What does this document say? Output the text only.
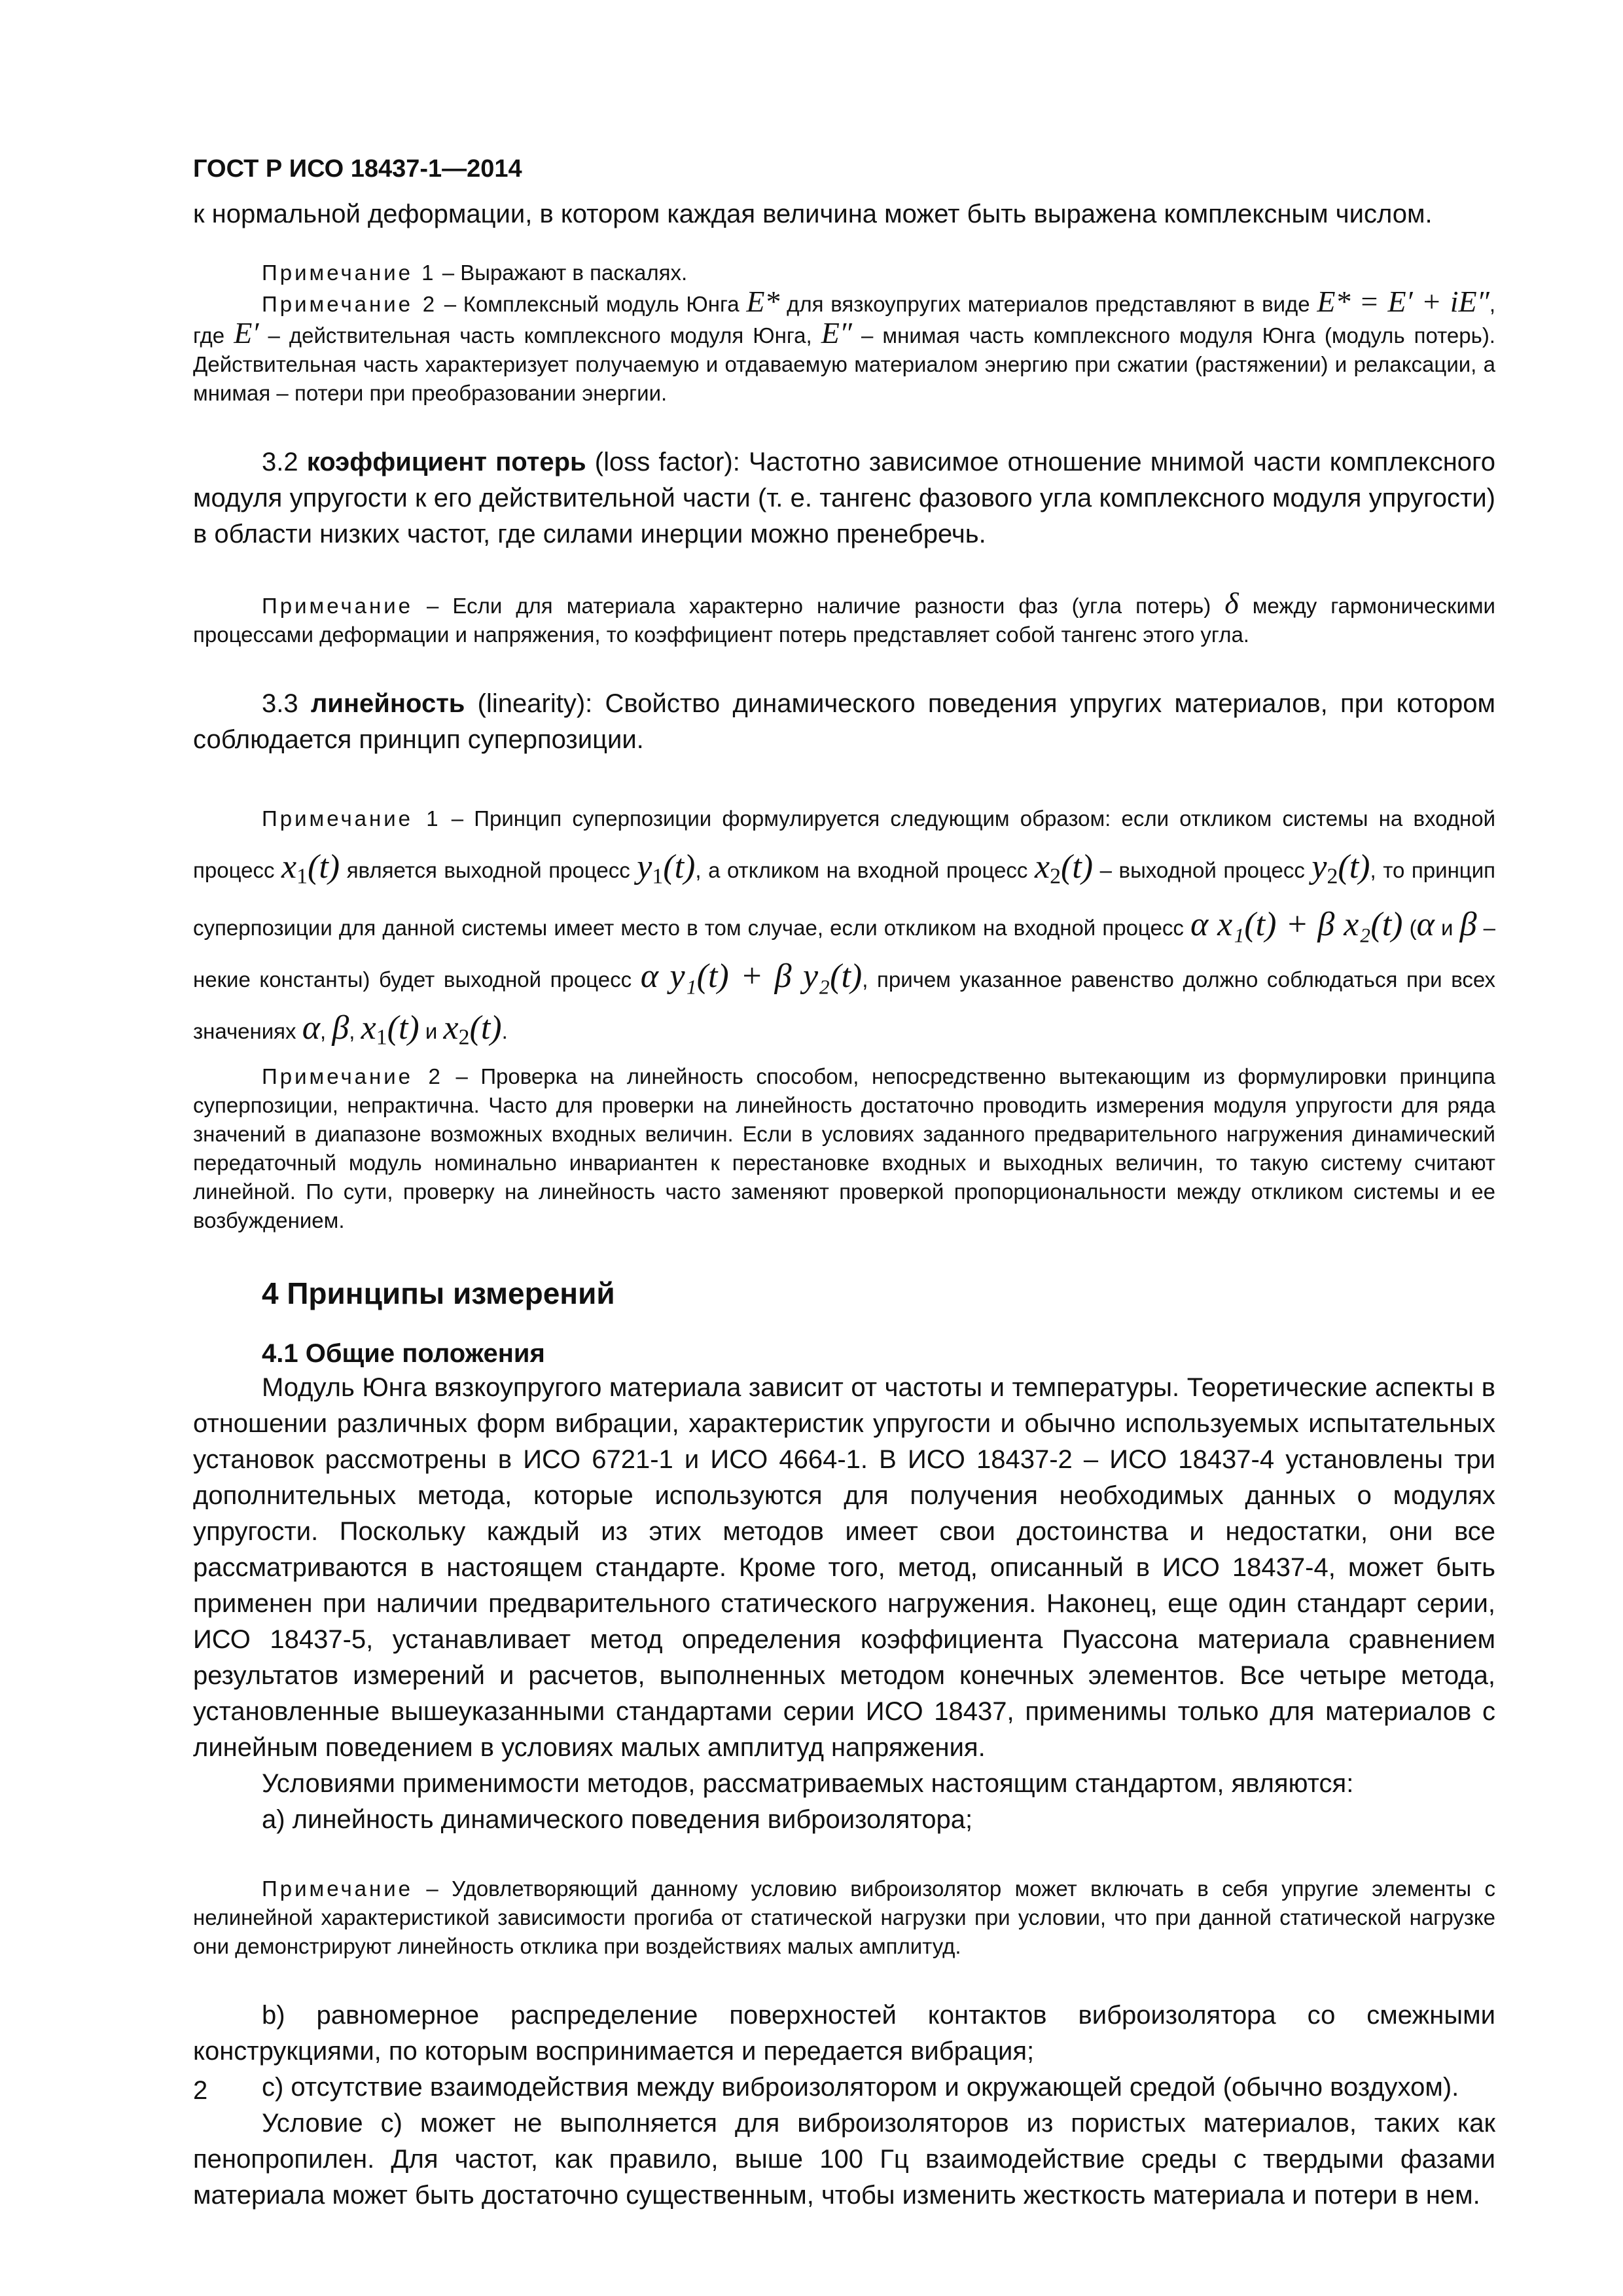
ГОСТ Р ИСО 18437-1—2014

к нормальной деформации, в котором каждая величина может быть выражена комплексным числом.

Примечание 1 – Выражают в паскалях.

Примечание 2 – Комплексный модуль Юнга E* для вязкоупругих материалов представляют в виде E* = E′ + iE″, где E′ – действительная часть комплексного модуля Юнга, E″ – мнимая часть комплексного модуля Юнга (модуль потерь). Действительная часть характеризует получаемую и отдаваемую материалом энергию при сжатии (растяжении) и релаксации, а мнимая – потери при преобразовании энергии.

3.2 коэффициент потерь (loss factor): Частотно зависимое отношение мнимой части комплексного модуля упругости к его действительной части (т. е. тангенс фазового угла комплексного модуля упругости) в области низких частот, где силами инерции можно пренебречь.

Примечание – Если для материала характерно наличие разности фаз (угла потерь) δ между гармоническими процессами деформации и напряжения, то коэффициент потерь представляет собой тангенс этого угла.

3.3 линейность (linearity): Свойство динамического поведения упругих материалов, при котором соблюдается принцип суперпозиции.

Примечание 1 – Принцип суперпозиции формулируется следующим образом: если откликом системы на входной процесс $x_1(t)$ является выходной процесс $y_1(t)$, а откликом на входной процесс $x_2(t)$ – выходной процесс $y_2(t)$, то принцип суперпозиции для данной системы имеет место в том случае, если откликом на входной процесс α x₁(t) + β x₂(t) (α и β – некие константы) будет выходной процесс α y₁(t) + β y₂(t), причем указанное равенство должно соблюдаться при всех значениях α, β, $x_1(t)$ и $x_2(t)$.

Примечание 2 – Проверка на линейность способом, непосредственно вытекающим из формулировки принципа суперпозиции, непрактична. Часто для проверки на линейность достаточно проводить измерения модуля упругости для ряда значений в диапазоне возможных входных величин. Если в условиях заданного предварительного нагружения динамический передаточный модуль номинально инвариантен к перестановке входных и выходных величин, то такую систему считают линейной. По сути, проверку на линейность часто заменяют проверкой пропорциональности между откликом системы и ее возбуждением.

4 Принципы измерений
4.1 Общие положения

Модуль Юнга вязкоупругого материала зависит от частоты и температуры. Теоретические аспекты в отношении различных форм вибрации, характеристик упругости и обычно используемых испытательных установок рассмотрены в ИСО 6721-1 и ИСО 4664-1. В ИСО 18437-2 – ИСО 18437-4 установлены три дополнительных метода, которые используются для получения необходимых данных о модулях упругости. Поскольку каждый из этих методов имеет свои достоинства и недостатки, они все рассматриваются в настоящем стандарте. Кроме того, метод, описанный в ИСО 18437-4, может быть применен при наличии предварительного статического нагружения. Наконец, еще один стандарт серии, ИСО 18437-5, устанавливает метод определения коэффициента Пуассона материала сравнением результатов измерений и расчетов, выполненных методом конечных элементов. Все четыре метода, установленные вышеуказанными стандартами серии ИСО 18437, применимы только для материалов с линейным поведением в условиях малых амплитуд напряжения.

Условиями применимости методов, рассматриваемых настоящим стандартом, являются:

a) линейность динамического поведения виброизолятора;

Примечание – Удовлетворяющий данному условию виброизолятор может включать в себя упругие элементы с нелинейной характеристикой зависимости прогиба от статической нагрузки при условии, что при данной статической нагрузке они демонстрируют линейность отклика при воздействиях малых амплитуд.

b) равномерное распределение поверхностей контактов виброизолятора со смежными конструкциями, по которым воспринимается и передается вибрация;

c) отсутствие взаимодействия между виброизолятором и окружающей средой (обычно воздухом).

Условие c) может не выполняется для виброизоляторов из пористых материалов, таких как пенопропилен. Для частот, как правило, выше 100 Гц взаимодействие среды с твердыми фазами материала может быть достаточно существенным, чтобы изменить жесткость материала и потери в нем.

2
